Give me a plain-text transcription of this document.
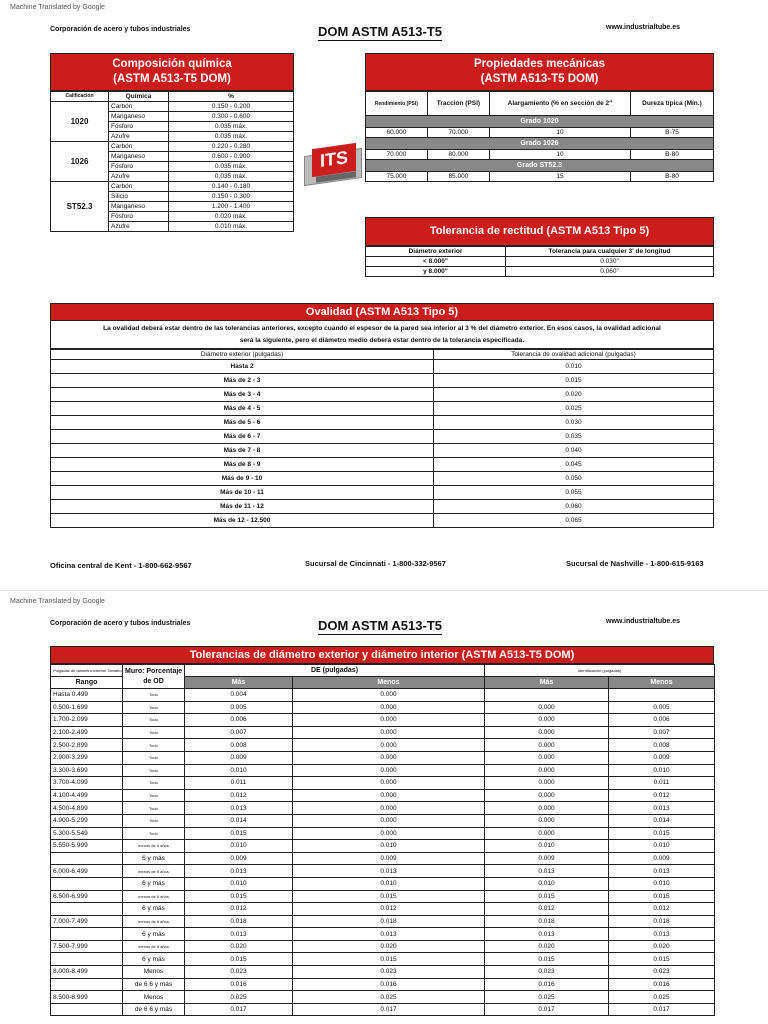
Machine Translated by Google
Corporación de acero y tubos industriales	DOM ASTM A513-T5	www.industrialtube.es
Composición química
(ASTM A513-T5 DOM)
Calificación	Química	%
1020	Carbón	0.150 - 0.200
	Manganeso	0.300 - 0.600
	Fósforo	0.035 máx.
	Azufre	0.035 máx.
1026	Carbón	0.220 - 0.280
	Manganeso	0.600 - 0.900
	Fósforo	0.035 máx.
	Azufre	0.035 máx.
ST52.3	Carbón	0.140 - 0.180
	Silicio	0.150 - 0.300
	Manganeso	1.200 - 1.400
	Fósforo	0.020 máx.
	Azufre	0.010 máx.
ITS
Propiedades mecánicas
(ASTM A513-T5 DOM)
Rendimiento (PSI)	Tracción (PSI)	Alargamiento (% en sección de 2"	Dureza típica (Mín.)
Grado 1020			
60.000	70.000	10	B-75
Grado 1026			
70.000	80.000	10	B-80
Grado ST52.3			
75.000	85.000	15	B-80
Tolerancia de rectitud (ASTM A513 Tipo 5)
Diámetro exterior	Tolerancia para cualquier 3' de longitud
< 8.000"	0.030"
y 8.000"	0.060"
Ovalidad (ASTM A513 Tipo 5)
La ovalidad deberá estar dentro de las tolerancias anteriores, excepto cuando el espesor de la pared sea inferior al 3 % del diámetro exterior. En esos casos, la ovalidad adicional
será la siguiente, pero el diámetro medio deberá estar dentro de la tolerancia especificada.
Diámetro exterior (pulgadas)	Tolerancia de ovalidad adicional (pulgadas)
Hasta 2	0.010
Más de 2 - 3	0.015
Más de 3 - 4	0.020
Más de 4 - 5	0.025
Más de 5 - 6	0.030
Más de 6 - 7	0.035
Más de 7 - 8	0.040
Más de 8 - 9	0.045
Más de 9 - 10	0.050
Más de 10 - 11	0.055
Más de 11 - 12	0.060
Más de 12 - 12.500	0.065
Oficina central de Kent - 1-800-662-9567	Sucursal de Cincinnati - 1-800-332-9567	Sucursal de Nashville - 1-800-615-9163
Machine Translated by Google
Corporación de acero y tubos industriales	DOM ASTM A513-T5	www.industrialtube.es
Tolerancias de diámetro exterior y diámetro interior (ASTM A513-T5 DOM)
Pulgadas de diámetro exterior Tamaño	Muro: Porcentaje
de OD	DE (pulgadas)		Identificación (pulgadas)	
Rango		Más	Menos	Más	Menos
Hasta 0.499	Todo	0.004	0.000		
0.500-1.699	Todo	0.005	0.000	0.000	0.005
1.700-2.099	Todo	0.006	0.000	0.000	0.006
2.100-2.499	Todo	0.007	0.000	0.000	0.007
2.500-2.899	Todo	0.008	0.000	0.000	0.008
2.900-3.299	Todo	0.009	0.000	0.000	0.009
3.300-3.699	Todo	0.010	0.000	0.000	0.010
3.700-4.099	Todo	0.011	0.000	0.000	0.011
4.100-4.499	Todo	0.012	0.000	0.000	0.012
4.500-4.899	Todo	0.013	0.000	0.000	0.013
4.900-5.299	Todo	0.014	0.000	0.000	0.014
5.300-5.549	Todo	0.015	0.000	0.000	0.015
5.550-5.999	menos de 6 años	0.010	0.010	0.010	0.010
	6 y más	0.009	0.009	0.009	0.009
6.000-6.499	menos de 6 años	0.013	0.013	0.013	0.013
	6 y más	0.010	0.010	0.010	0.010
6.500-6.999	menos de 6 años	0.015	0.015	0.015	0.015
	6 y más	0.012	0.012	0.012	0.012
7.000-7.499	menos de 6 años	0.018	0.018	0.018	0.018
	6 y más	0.013	0.013	0.013	0.013
7.500-7.999	menos de 6 años	0.020	0.020	0.020	0.020
	6 y más	0.015	0.015	0.015	0.015
8.000-8.499	Menos	0.023	0.023	0.023	0.023
	de 6 6 y más	0.016	0.016	0.016	0.016
8.500-8.999	Menos	0.025	0.025	0.025	0.025
	de 6 6 y más	0.017	0.017	0.017	0.017
